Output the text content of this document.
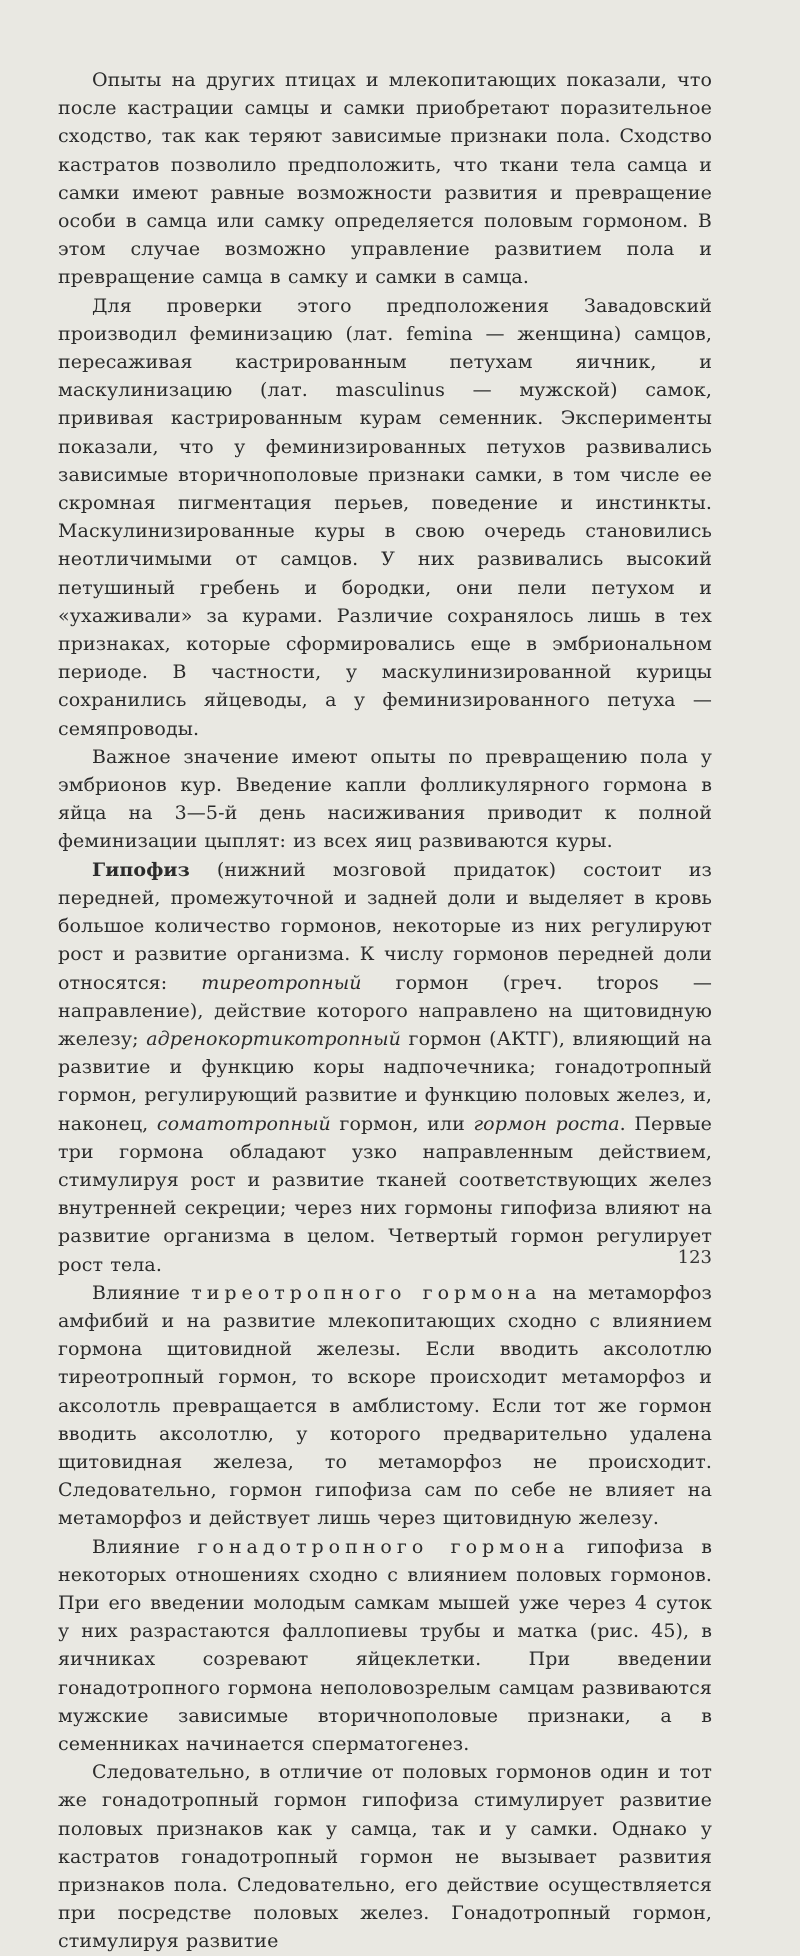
Опыты на других птицах и млекопитающих показали, что после кастрации самцы и самки приобретают поразительное сходство, так как теряют зависимые признаки пола. Сходство кастратов позволило предположить, что ткани тела самца и самки имеют равные возможности развития и превращение особи в самца или самку определяется половым гормоном. В этом случае возможно управление развитием пола и превращение самца в самку и самки в самца.

Для проверки этого предположения Завадовский производил феминизацию (лат. femina — женщина) самцов, пересаживая кастрированным петухам яичник, и маскулинизацию (лат. masculinus — мужской) самок, прививая кастрированным курам семенник. Эксперименты показали, что у феминизированных петухов развивались зависимые вторичнополовые признаки самки, в том числе ее скромная пигментация перьев, поведение и инстинкты. Маскулинизированные куры в свою очередь становились неотличимыми от самцов. У них развивались высокий петушиный гребень и бородки, они пели петухом и «ухаживали» за курами. Различие сохранялось лишь в тех признаках, которые сформировались еще в эмбриональном периоде. В частности, у маскулинизированной курицы сохранились яйцеводы, а у феминизированного петуха — семяпроводы.

Важное значение имеют опыты по превращению пола у эмбрионов кур. Введение капли фолликулярного гормона в яйца на 3—5-й день насиживания приводит к полной феминизации цыплят: из всех яиц развиваются куры.

Гипофиз (нижний мозговой придаток) состоит из передней, промежуточной и задней доли и выделяет в кровь большое количество гормонов, некоторые из них регулируют рост и развитие организма. К числу гормонов передней доли относятся: тиреотропный гормон (греч. tropos — направление), действие которого направлено на щитовидную железу; адренокортикотропный гормон (АКТГ), влияющий на развитие и функцию коры надпочечника; гонадотропный гормон, регулирующий развитие и функцию половых желез, и, наконец, соматотропный гормон, или гормон роста. Первые три гормона обладают узко направленным действием, стимулируя рост и развитие тканей соответствующих желез внутренней секреции; через них гормоны гипофиза влияют на развитие организма в целом. Четвертый гормон регулирует рост тела.

Влияние тиреотропного гормона на метаморфоз амфибий и на развитие млекопитающих сходно с влиянием гормона щитовидной железы. Если вводить аксолотлю тиреотропный гормон, то вскоре происходит метаморфоз и аксолотль превращается в амблистому. Если тот же гормон вводить аксолотлю, у которого предварительно удалена щитовидная железа, то метаморфоз не происходит. Следовательно, гормон гипофиза сам по себе не влияет на метаморфоз и действует лишь через щитовидную железу.

Влияние гонадотропного гормона гипофиза в некоторых отношениях сходно с влиянием половых гормонов. При его введении молодым самкам мышей уже через 4 суток у них разрастаются фаллопиевы трубы и матка (рис. 45), в яичниках созревают яйцеклетки. При введении гонадотропного гормона неполовозрелым самцам развиваются мужские зависимые вторичнополовые признаки, а в семенниках начинается сперматогенез.

Следовательно, в отличие от половых гормонов один и тот же гонадотропный гормон гипофиза стимулирует развитие половых признаков как у самца, так и у самки. Однако у кастратов гонадотропный гормон не вызывает развития признаков пола. Следовательно, его действие осуществляется при посредстве половых желез. Гонадотропный гормон, стимулируя развитие

123
